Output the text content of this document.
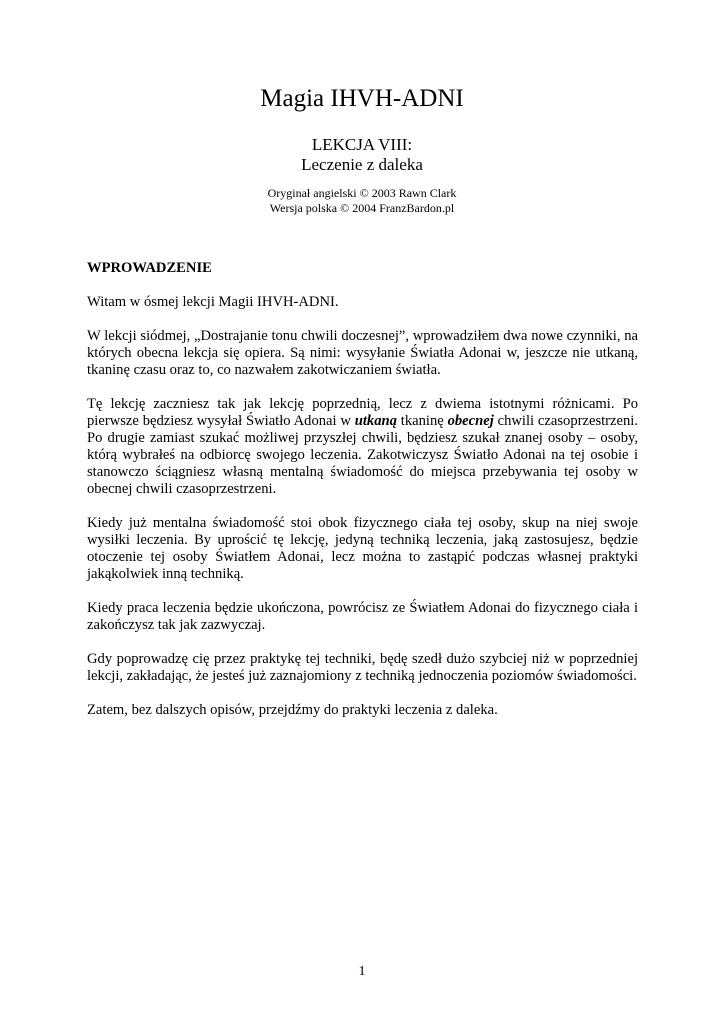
Magia IHVH-ADNI
LEKCJA VIII:
Leczenie z daleka
Oryginał angielski © 2003 Rawn Clark
Wersja polska © 2004 FranzBardon.pl

WPROWADZENIE

Witam w ósmej lekcji Magii IHVH-ADNI.

W lekcji siódmej, „Dostrajanie tonu chwili doczesnej”, wprowadziłem dwa nowe czynniki, na których obecna lekcja się opiera. Są nimi: wysyłanie Światła Adonai w, jeszcze nie utkaną, tkaninę czasu oraz to, co nazwałem zakotwiczaniem światła.

Tę lekcję zaczniesz tak jak lekcję poprzednią, lecz z dwiema istotnymi różnicami. Po pierwsze będziesz wysyłał Światło Adonai w utkaną tkaninę obecnej chwili czasoprzestrzeni. Po drugie zamiast szukać możliwej przyszłej chwili, będziesz szukał znanej osoby – osoby, którą wybrałeś na odbiorcę swojego leczenia. Zakotwiczysz Światło Adonai na tej osobie i stanowczo ściągniesz własną mentalną świadomość do miejsca przebywania tej osoby w obecnej chwili czasoprzestrzeni.

Kiedy już mentalna świadomość stoi obok fizycznego ciała tej osoby, skup na niej swoje wysiłki leczenia. By uprościć tę lekcję, jedyną techniką leczenia, jaką zastosujesz, będzie otoczenie tej osoby Światłem Adonai, lecz można to zastąpić podczas własnej praktyki jakąkolwiek inną techniką.

Kiedy praca leczenia będzie ukończona, powrócisz ze Światłem Adonai do fizycznego ciała i zakończysz tak jak zazwyczaj.

Gdy poprowadzę cię przez praktykę tej techniki, będę szedł dużo szybciej niż w poprzedniej lekcji, zakładając, że jesteś już zaznajomiony z techniką jednoczenia poziomów świadomości.

Zatem, bez dalszych opisów, przejdźmy do praktyki leczenia z daleka.

1
